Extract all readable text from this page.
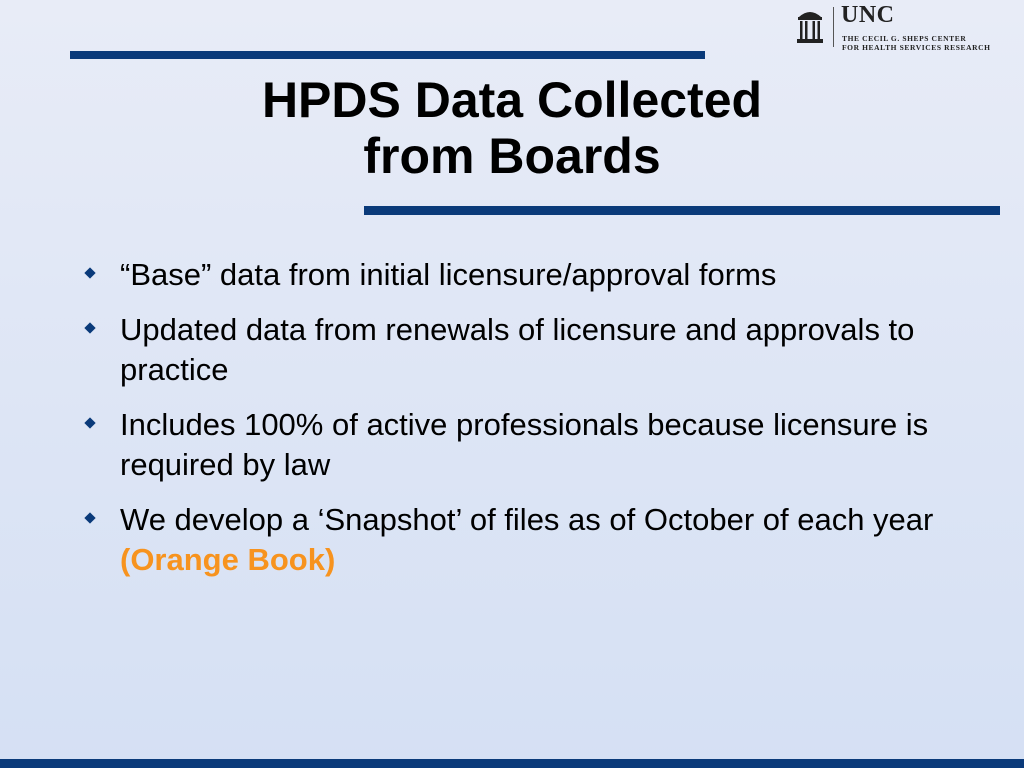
UNC
THE CECIL G. SHEPS CENTER
FOR HEALTH SERVICES RESEARCH
HPDS Data Collected
from Boards
“Base” data from initial licensure/approval forms
Updated data from renewals of licensure and approvals to practice
Includes 100% of active professionals because licensure is required by law
We develop a ‘Snapshot’ of files as of October of each year (Orange Book)
